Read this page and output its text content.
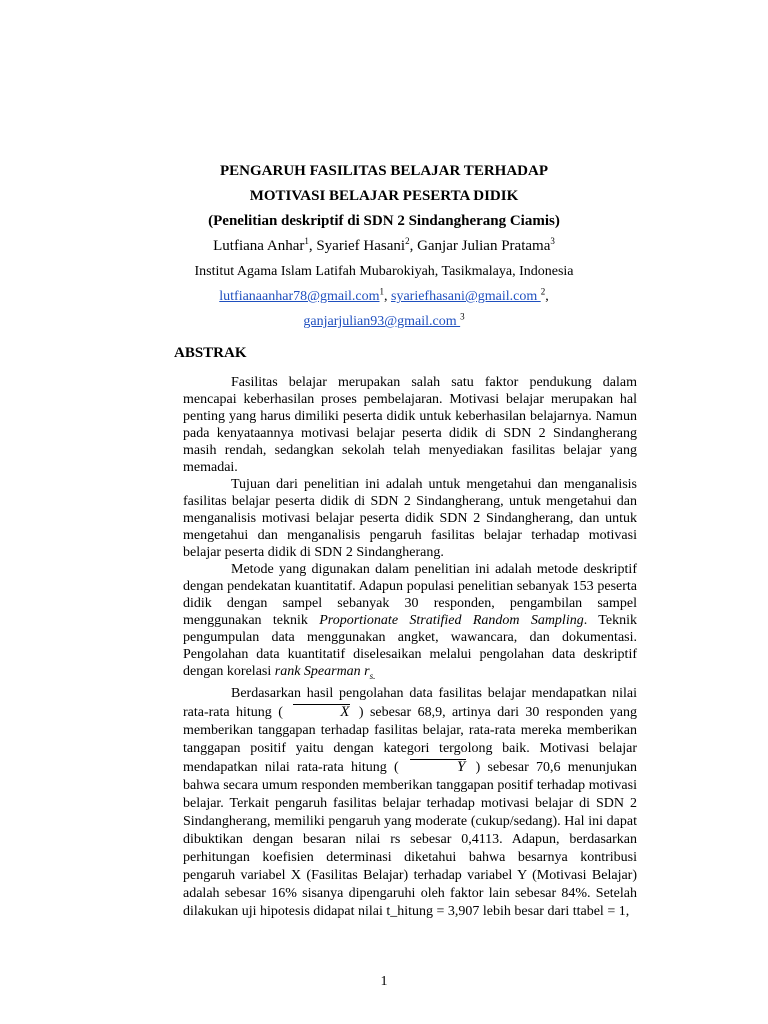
PENGARUH FASILITAS BELAJAR TERHADAP
MOTIVASI BELAJAR PESERTA DIDIK
(Penelitian deskriptif di SDN 2 Sindangherang Ciamis)
Lutfiana Anhar$^1$, Syarief Hasani$^2$, Ganjar Julian Pratama$^3$
Institut Agama Islam Latifah Mubarokiyah, Tasikmalaya, Indonesia
lutfianaanhar78@gmail.com$^1$, syariefhasani@gmail.com $^2$,
ganjarjulian93@gmail.com $^3$
ABSTRAK

Fasilitas belajar merupakan salah satu faktor pendukung dalam mencapai keberhasilan proses pembelajaran. Motivasi belajar merupakan hal penting yang harus dimiliki peserta didik untuk keberhasilan belajarnya. Namun pada kenyataannya motivasi belajar peserta didik di SDN 2 Sindangherang masih rendah, sedangkan sekolah telah menyediakan fasilitas belajar yang memadai.

Tujuan dari penelitian ini adalah untuk mengetahui dan menganalisis fasilitas belajar peserta didik di SDN 2 Sindangherang, untuk mengetahui dan menganalisis motivasi belajar peserta didik SDN 2 Sindangherang, dan untuk mengetahui dan menganalisis pengaruh fasilitas belajar terhadap motivasi belajar peserta didik di SDN 2 Sindangherang.

Metode yang digunakan dalam penelitian ini adalah metode deskriptif dengan pendekatan kuantitatif. Adapun populasi penelitian sebanyak 153 peserta didik dengan sampel sebanyak 30 responden, pengambilan sampel menggunakan teknik Proportionate Stratified Random Sampling. Teknik pengumpulan data menggunakan angket, wawancara, dan dokumentasi. Pengolahan data kuantitatif diselesaikan melalui pengolahan data deskriptif dengan korelasi rank Spearman $r_{s.}$

Berdasarkan hasil pengolahan data fasilitas belajar mendapatkan nilai rata-rata hitung (	X ) sebesar 68,9, artinya dari 30 responden yang memberikan tanggapan terhadap fasilitas belajar, rata-rata mereka memberikan tanggapan positif yaitu dengan kategori tergolong baik. Motivasi belajar mendapatkan nilai rata-rata hitung (	Y ) sebesar 70,6 menunjukan bahwa secara umum responden memberikan tanggapan positif terhadap motivasi belajar. Terkait pengaruh fasilitas belajar terhadap motivasi belajar di SDN 2 Sindangherang, memiliki pengaruh yang moderate (cukup/sedang). Hal ini dapat dibuktikan dengan besaran nilai rs sebesar 0,4113. Adapun, berdasarkan perhitungan koefisien determinasi diketahui bahwa besarnya kontribusi pengaruh variabel X (Fasilitas Belajar) terhadap variabel Y (Motivasi Belajar) adalah sebesar 16% sisanya dipengaruhi oleh faktor lain sebesar 84%. Setelah dilakukan uji hipotesis didapat nilai t_hitung = 3,907 lebih besar dari ttabel = 1,

1
